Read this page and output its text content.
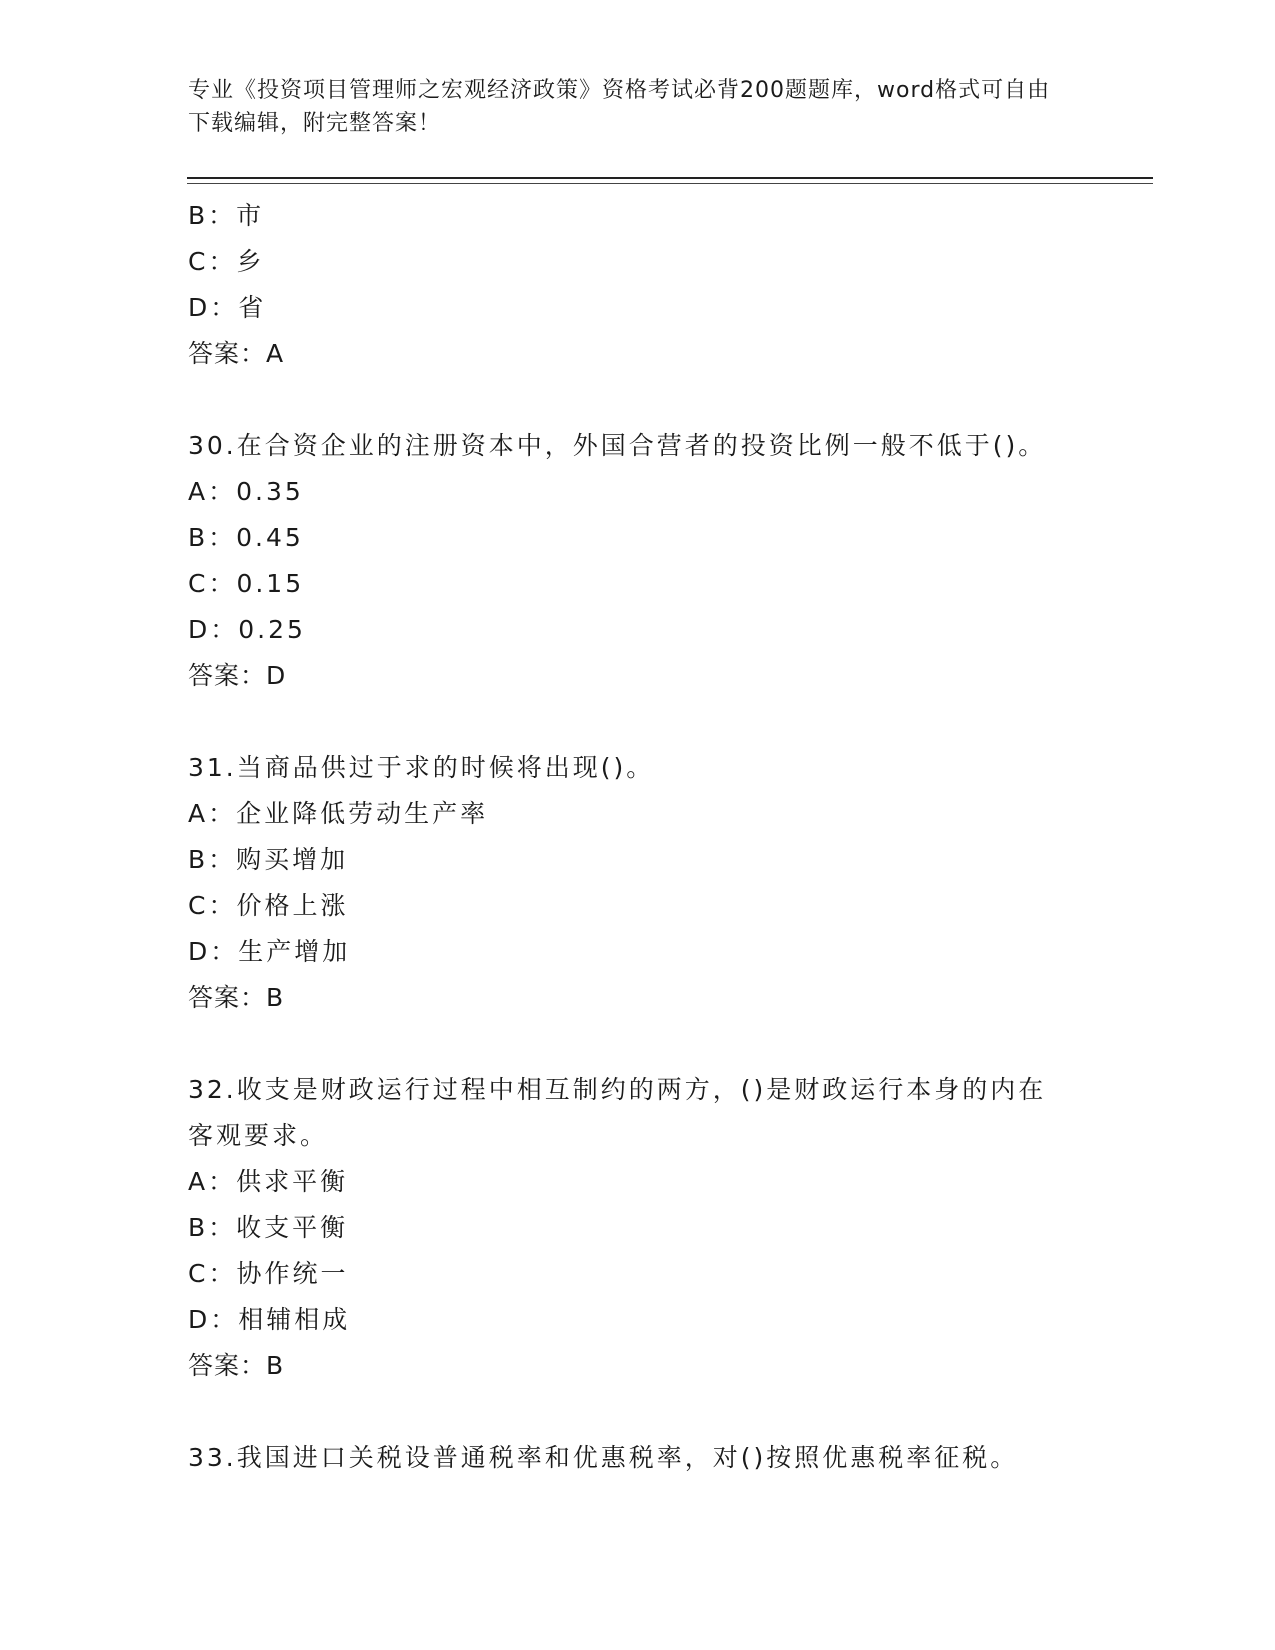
专业《投资项目管理师之宏观经济政策》资格考试必背200题题库，word格式可自由下载编辑，附完整答案！
B：市
C：乡
D：省
答案：A
30.在合资企业的注册资本中，外国合营者的投资比例一般不低于()。
A：0.35
B：0.45
C：0.15
D：0.25
答案：D
31.当商品供过于求的时候将出现()。
A：企业降低劳动生产率
B：购买增加
C：价格上涨
D：生产增加
答案：B
32.收支是财政运行过程中相互制约的两方，()是财政运行本身的内在客观要求。
A：供求平衡
B：收支平衡
C：协作统一
D：相辅相成
答案：B
33.我国进口关税设普通税率和优惠税率，对()按照优惠税率征税。
